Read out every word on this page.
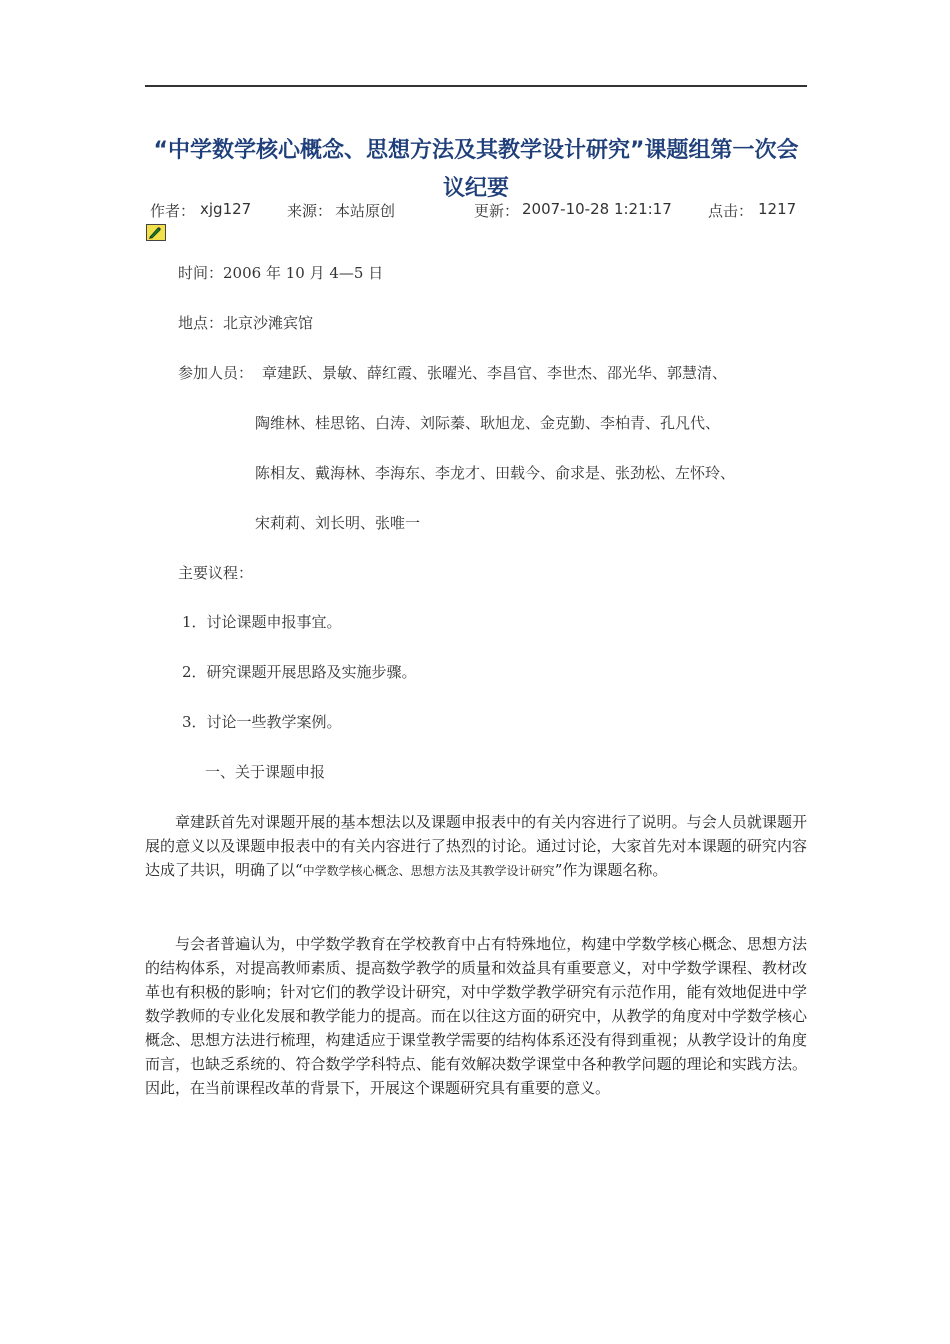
“中学数学核心概念、思想方法及其教学设计研究”课题组第一次会议纪要
作者： xjg127 来源： 本站原创	更新： 2007-10-28 1:21:17 点击： 1217
时间：2006 年 10 月 4—5 日
地点：北京沙滩宾馆
参加人员： 章建跃、景敏、薛红霞、张曜光、李昌官、李世杰、邵光华、郭慧清、
陶维林、桂思铭、白涛、刘际蓁、耿旭龙、金克勤、李柏青、孔凡代、
陈相友、戴海林、李海东、李龙才、田载今、俞求是、张劲松、左怀玲、
宋莉莉、刘长明、张唯一
主要议程：
1．讨论课题申报事宜。
2．研究课题开展思路及实施步骤。
3．讨论一些教学案例。
一、关于课题申报

章建跃首先对课题开展的基本想法以及课题申报表中的有关内容进行了说明。与会人员就课题开展的意义以及课题申报表中的有关内容进行了热烈的讨论。通过讨论，大家首先对本课题的研究内容达成了共识，明确了以“中学数学核心概念、思想方法及其教学设计研究”作为课题名称。

与会者普遍认为，中学数学教育在学校教育中占有特殊地位，构建中学数学核心概念、思想方法的结构体系，对提高教师素质、提高数学教学的质量和效益具有重要意义，对中学数学课程、教材改革也有积极的影响；针对它们的教学设计研究，对中学数学教学研究有示范作用，能有效地促进中学数学教师的专业化发展和教学能力的提高。而在以往这方面的研究中，从教学的角度对中学数学核心概念、思想方法进行梳理，构建适应于课堂教学需要的结构体系还没有得到重视；从教学设计的角度而言，也缺乏系统的、符合数学学科特点、能有效解决数学课堂中各种教学问题的理论和实践方法。因此，在当前课程改革的背景下，开展这个课题研究具有重要的意义。
